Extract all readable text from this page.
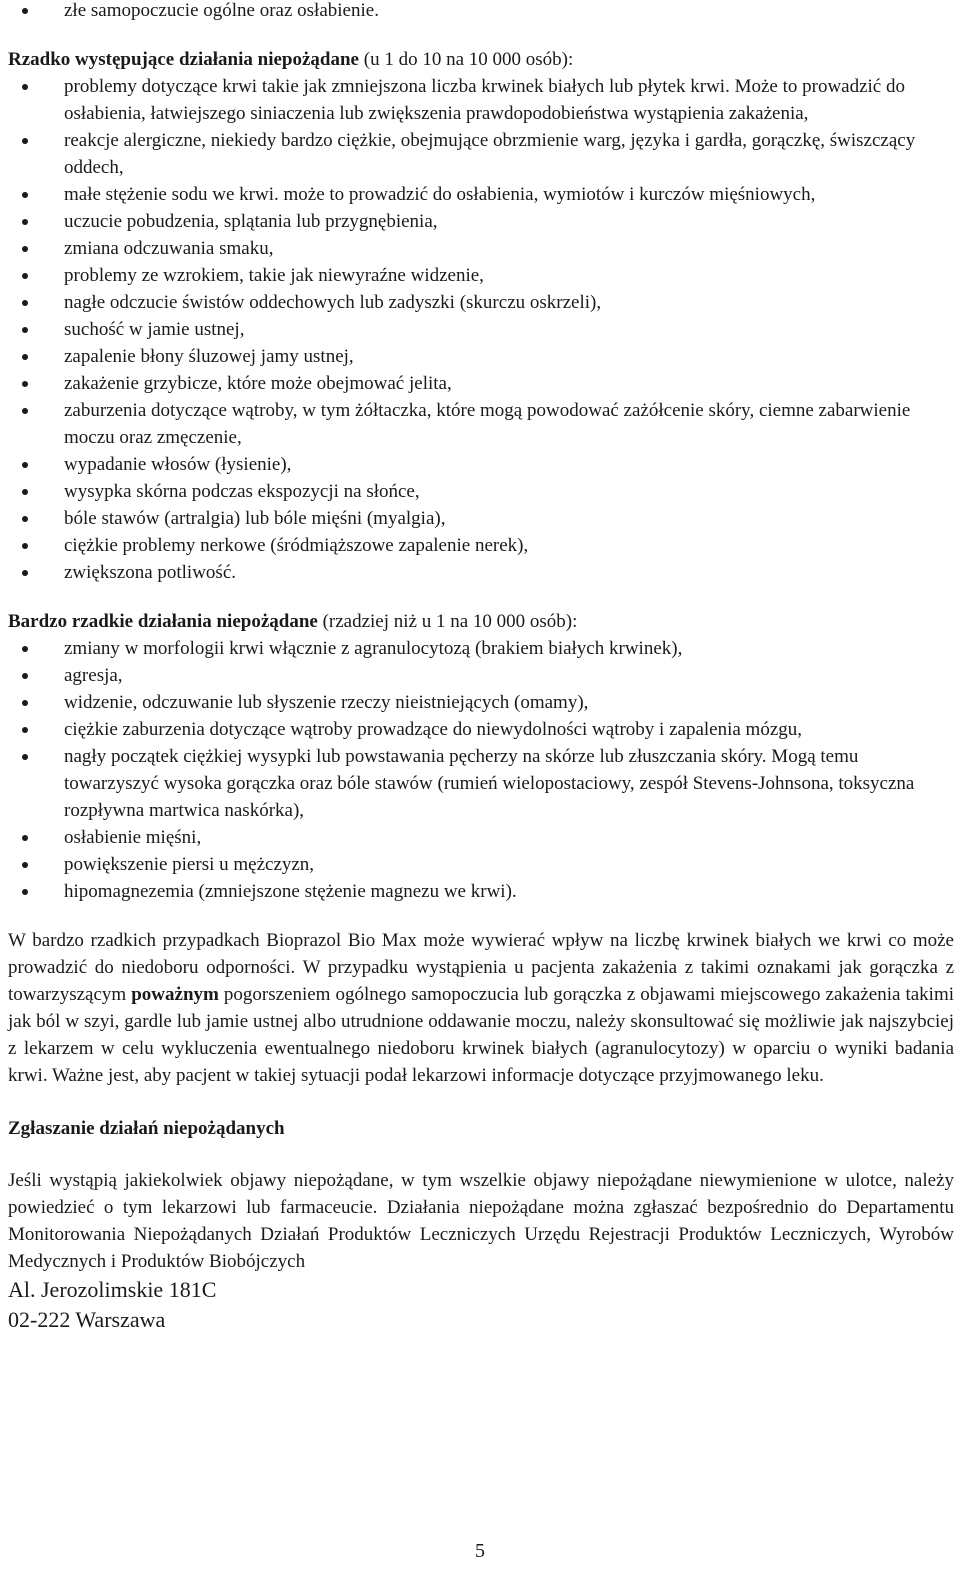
złe samopoczucie ogólne oraz osłabienie.
Rzadko występujące działania niepożądane (u 1 do 10 na 10 000 osób):
problemy dotyczące krwi takie jak zmniejszona liczba krwinek białych lub płytek krwi. Może to prowadzić do osłabienia, łatwiejszego siniaczenia lub zwiększenia prawdopodobieństwa wystąpienia zakażenia,
reakcje alergiczne, niekiedy bardzo ciężkie, obejmujące obrzmienie warg, języka i gardła, gorączkę, świszczący oddech,
małe stężenie sodu we krwi. może to prowadzić do osłabienia, wymiotów i kurczów mięśniowych,
uczucie pobudzenia, splątania lub przygnębienia,
zmiana odczuwania smaku,
problemy ze wzrokiem, takie jak niewyraźne widzenie,
nagłe odczucie świstów oddechowych lub zadyszki (skurczu oskrzeli),
suchość w jamie ustnej,
zapalenie błony śluzowej jamy ustnej,
zakażenie grzybicze, które może obejmować jelita,
zaburzenia dotyczące wątroby, w tym żółtaczka, które mogą powodować zażółcenie skóry, ciemne zabarwienie moczu oraz zmęczenie,
wypadanie włosów (łysienie),
wysypka skórna podczas ekspozycji na słońce,
bóle stawów (artralgia) lub bóle mięśni (myalgia),
ciężkie problemy nerkowe (śródmiąższowe zapalenie nerek),
zwiększona potliwość.
Bardzo rzadkie działania niepożądane (rzadziej niż u 1 na 10 000 osób):
zmiany w morfologii krwi włącznie z agranulocytozą (brakiem białych krwinek),
agresja,
widzenie, odczuwanie lub słyszenie rzeczy nieistniejących (omamy),
ciężkie zaburzenia dotyczące wątroby prowadzące do niewydolności wątroby i zapalenia mózgu,
nagły początek ciężkiej wysypki lub powstawania pęcherzy na skórze lub złuszczania skóry. Mogą temu towarzyszyć wysoka gorączka oraz bóle stawów (rumień wielopostaciowy, zespół Stevens-Johnsona, toksyczna rozpływna martwica naskórka),
osłabienie mięśni,
powiększenie piersi u mężczyzn,
hipomagnezemia (zmniejszone stężenie magnezu we krwi).

W bardzo rzadkich przypadkach Bioprazol Bio Max może wywierać wpływ na liczbę krwinek białych we krwi co może prowadzić do niedoboru odporności. W przypadku wystąpienia u pacjenta zakażenia z takimi oznakami jak gorączka z towarzyszącym poważnym pogorszeniem ogólnego samopoczucia lub gorączka z objawami miejscowego zakażenia takimi jak ból w szyi, gardle lub jamie ustnej albo utrudnione oddawanie moczu, należy skonsultować się możliwie jak najszybciej z lekarzem w celu wykluczenia ewentualnego niedoboru krwinek białych (agranulocytozy) w oparciu o wyniki badania krwi. Ważne jest, aby pacjent w takiej sytuacji podał lekarzowi informacje dotyczące przyjmowanego leku.

Zgłaszanie działań niepożądanych

Jeśli wystąpią jakiekolwiek objawy niepożądane, w tym wszelkie objawy niepożądane niewymienione w ulotce, należy powiedzieć o tym lekarzowi lub farmaceucie. Działania niepożądane można zgłaszać bezpośrednio do Departamentu Monitorowania Niepożądanych Działań Produktów Leczniczych Urzędu Rejestracji Produktów Leczniczych, Wyrobów Medycznych i Produktów Biobójczych

Al. Jerozolimskie 181C
02-222 Warszawa
5
